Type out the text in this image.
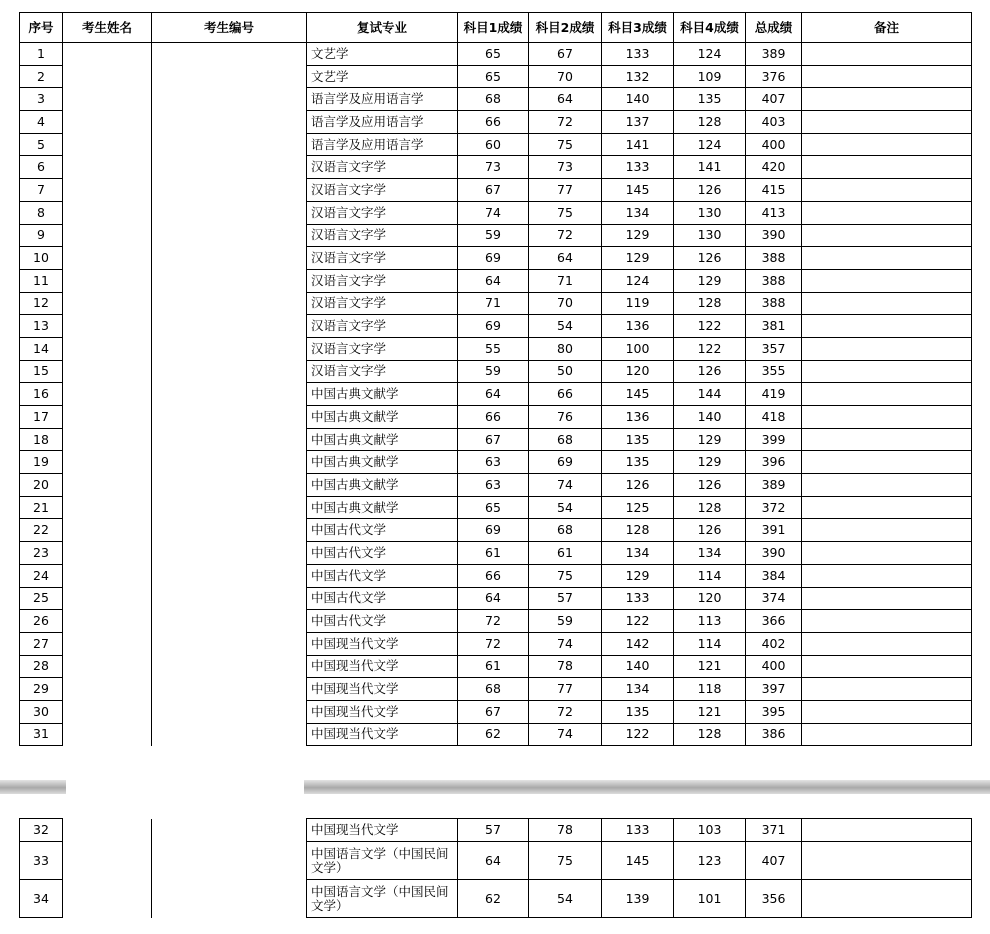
序号	考生姓名	考生编号	复试专业	科目1成绩	科目2成绩	科目3成绩	科目4成绩	总成绩	备注
1			文艺学	65	67	133	124	389	
2			文艺学	65	70	132	109	376	
3			语言学及应用语言学	68	64	140	135	407	
4			语言学及应用语言学	66	72	137	128	403	
5			语言学及应用语言学	60	75	141	124	400	
6			汉语言文字学	73	73	133	141	420	
7			汉语言文字学	67	77	145	126	415	
8			汉语言文字学	74	75	134	130	413	
9			汉语言文字学	59	72	129	130	390	
10			汉语言文字学	69	64	129	126	388	
11			汉语言文字学	64	71	124	129	388	
12			汉语言文字学	71	70	119	128	388	
13			汉语言文字学	69	54	136	122	381	
14			汉语言文字学	55	80	100	122	357	
15			汉语言文字学	59	50	120	126	355	
16			中国古典文献学	64	66	145	144	419	
17			中国古典文献学	66	76	136	140	418	
18			中国古典文献学	67	68	135	129	399	
19			中国古典文献学	63	69	135	129	396	
20			中国古典文献学	63	74	126	126	389	
21			中国古典文献学	65	54	125	128	372	
22			中国古代文学	69	68	128	126	391	
23			中国古代文学	61	61	134	134	390	
24			中国古代文学	66	75	129	114	384	
25			中国古代文学	64	57	133	120	374	
26			中国古代文学	72	59	122	113	366	
27			中国现当代文学	72	74	142	114	402	
28			中国现当代文学	61	78	140	121	400	
29			中国现当代文学	68	77	134	118	397	
30			中国现当代文学	67	72	135	121	395	
31			中国现当代文学	62	74	122	128	386	
32			中国现当代文学	57	78	133	103	371	
33			中国语言文学（中国民间文学）	64	75	145	123	407	
34			中国语言文学（中国民间文学）	62	54	139	101	356	
